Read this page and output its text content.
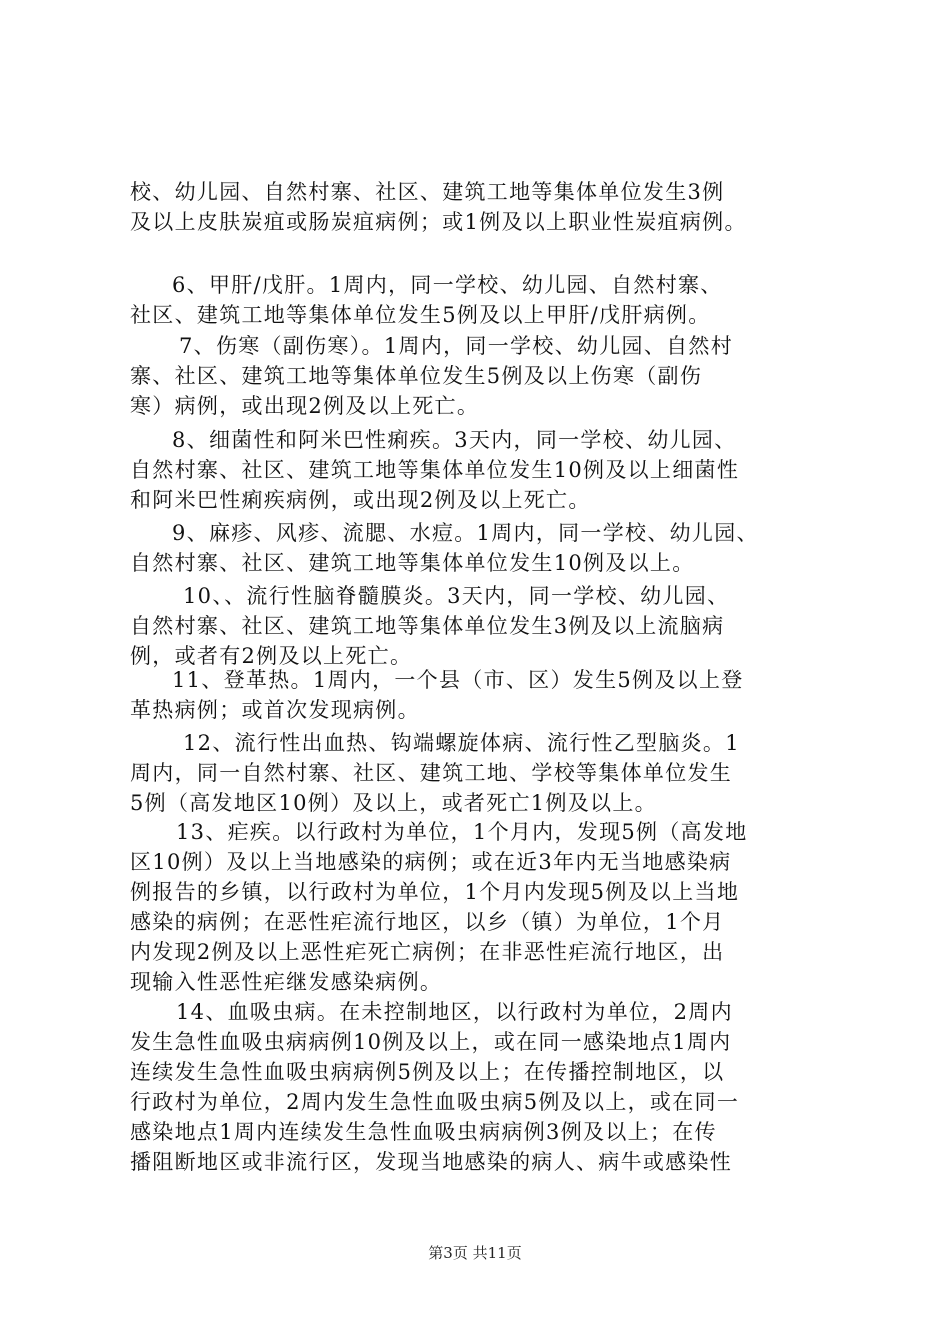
校、幼儿园、自然村寨、社区、建筑工地等集体单位发生3例
及以上皮肤炭疽或肠炭疽病例；或1例及以上职业性炭疽病例。
6、甲肝/戊肝。1周内，同一学校、幼儿园、自然村寨、
社区、建筑工地等集体单位发生5例及以上甲肝/戊肝病例。
7、伤寒（副伤寒）。1周内，同一学校、幼儿园、自然村
寨、社区、建筑工地等集体单位发生5例及以上伤寒（副伤
寒）病例，或出现2例及以上死亡。
8、细菌性和阿米巴性痢疾。3天内，同一学校、幼儿园、
自然村寨、社区、建筑工地等集体单位发生10例及以上细菌性
和阿米巴性痢疾病例，或出现2例及以上死亡。
9、麻疹、风疹、流腮、水痘。1周内，同一学校、幼儿园、
自然村寨、社区、建筑工地等集体单位发生10例及以上。
10、、流行性脑脊髓膜炎。3天内，同一学校、幼儿园、
自然村寨、社区、建筑工地等集体单位发生3例及以上流脑病
例，或者有2例及以上死亡。
11、登革热。1周内，一个县（市、区）发生5例及以上登
革热病例；或首次发现病例。
12、流行性出血热、钩端螺旋体病、流行性乙型脑炎。1
周内，同一自然村寨、社区、建筑工地、学校等集体单位发生
5例（高发地区10例）及以上，或者死亡1例及以上。
13、疟疾。以行政村为单位，1个月内，发现5例（高发地
区10例）及以上当地感染的病例；或在近3年内无当地感染病
例报告的乡镇，以行政村为单位，1个月内发现5例及以上当地
感染的病例；在恶性疟流行地区，以乡（镇）为单位，1个月
内发现2例及以上恶性疟死亡病例；在非恶性疟流行地区，出
现输入性恶性疟继发感染病例。
14、血吸虫病。在未控制地区，以行政村为单位，2周内
发生急性血吸虫病病例10例及以上，或在同一感染地点1周内
连续发生急性血吸虫病病例5例及以上；在传播控制地区，以
行政村为单位，2周内发生急性血吸虫病5例及以上，或在同一
感染地点1周内连续发生急性血吸虫病病例3例及以上；在传
播阻断地区或非流行区，发现当地感染的病人、病牛或感染性
第3页 共11页
